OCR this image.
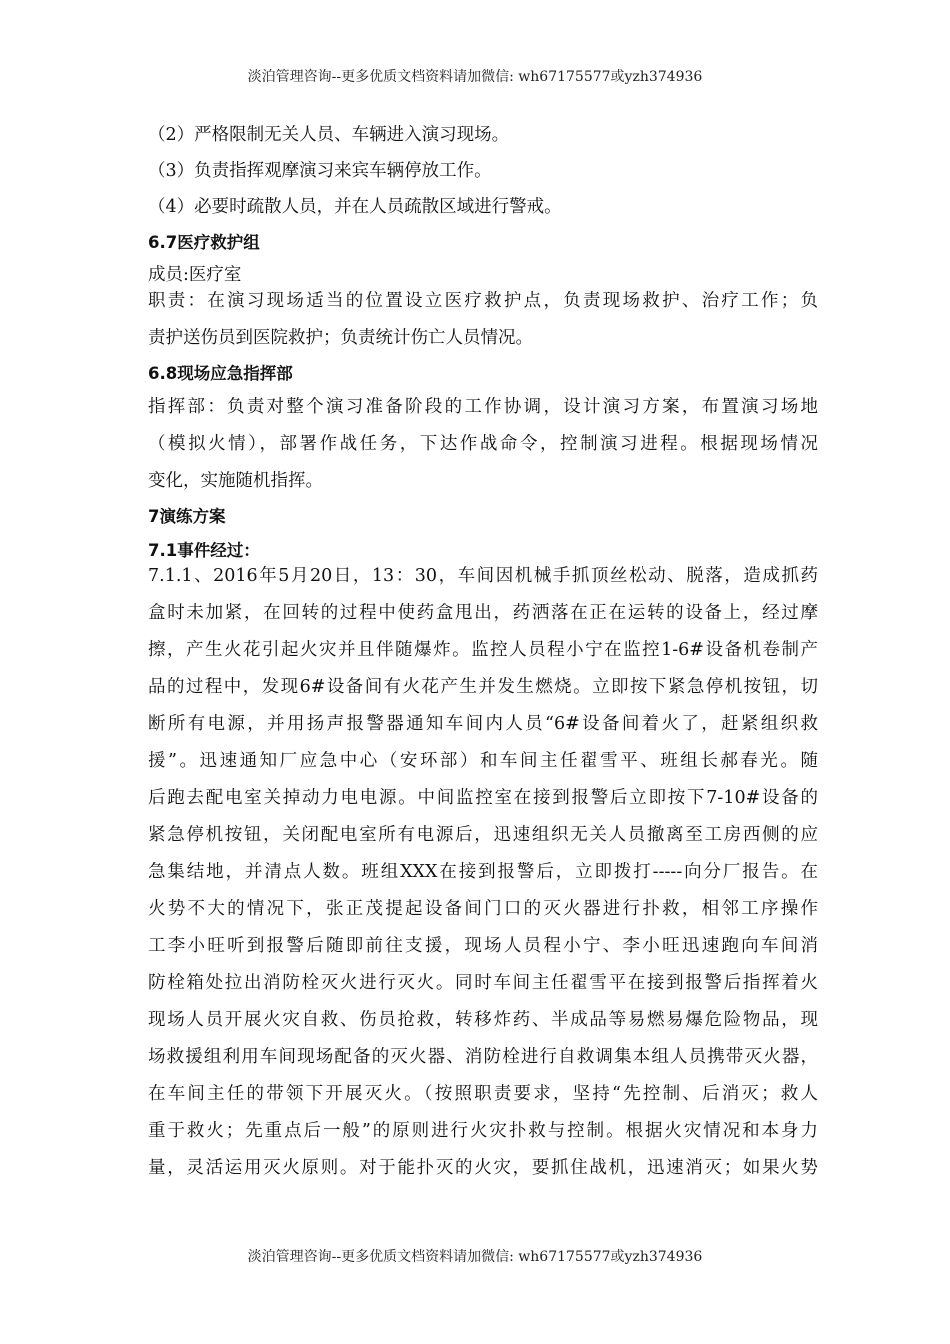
淡泊管理咨询--更多优质文档资料请加微信: wh67175577或yzh374936
（2）严格限制无关人员、车辆进入演习现场。
（3）负责指挥观摩演习来宾车辆停放工作。
（4）必要时疏散人员，并在人员疏散区域进行警戒。
6.7医疗救护组
成员:医疗室
职责：在演习现场适当的位置设立医疗救护点，负责现场救护、治疗工作；负
责护送伤员到医院救护；负责统计伤亡人员情况。
6.8现场应急指挥部
指挥部：负责对整个演习准备阶段的工作协调，设计演习方案，布置演习场地
（模拟火情），部署作战任务，下达作战命令，控制演习进程。根据现场情况
变化，实施随机指挥。
7演练方案
7.1事件经过：
7.1.1、2016年5月20日，13：30，车间因机械手抓顶丝松动、脱落，造成抓药
盒时未加紧，在回转的过程中使药盒甩出，药洒落在正在运转的设备上，经过摩
擦，产生火花引起火灾并且伴随爆炸。监控人员程小宁在监控1-6#设备机卷制产
品的过程中，发现6#设备间有火花产生并发生燃烧。立即按下紧急停机按钮，切
断所有电源，并用扬声报警器通知车间内人员“6#设备间着火了，赶紧组织救
援”。迅速通知厂应急中心（安环部）和车间主任翟雪平、班组长郝春光。随
后跑去配电室关掉动力电电源。中间监控室在接到报警后立即按下7-10#设备的
紧急停机按钮，关闭配电室所有电源后，迅速组织无关人员撤离至工房西侧的应
急集结地，并清点人数。班组XXX在接到报警后，立即拨打-----向分厂报告。在
火势不大的情况下，张正茂提起设备间门口的灭火器进行扑救，相邻工序操作
工李小旺听到报警后随即前往支援，现场人员程小宁、李小旺迅速跑向车间消
防栓箱处拉出消防栓灭火进行灭火。同时车间主任翟雪平在接到报警后指挥着火
现场人员开展火灾自救、伤员抢救，转移炸药、半成品等易燃易爆危险物品，现
场救援组利用车间现场配备的灭火器、消防栓进行自救调集本组人员携带灭火器，
在车间主任的带领下开展灭火。（按照职责要求，坚持“先控制、后消灭；救人
重于救火；先重点后一般”的原则进行火灾扑救与控制。根据火灾情况和本身力
量，灵活运用灭火原则。对于能扑灭的火灾，要抓住战机，迅速消灭；如果火势
淡泊管理咨询--更多优质文档资料请加微信: wh67175577或yzh374936
